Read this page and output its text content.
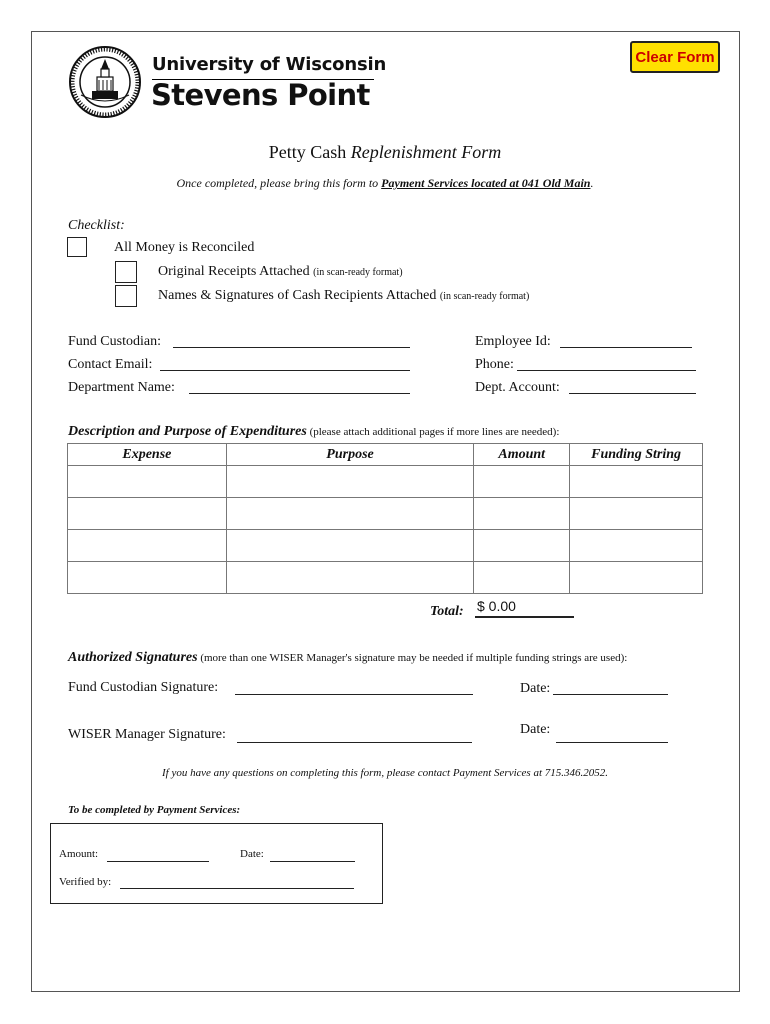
University of Wisconsin
Stevens Point
Clear Form
Petty Cash Replenishment Form
Once completed, please bring this form to Payment Services located at 041 Old Main.
Checklist:
All Money is Reconciled
Original Receipts Attached (in scan-ready format)
Names & Signatures of Cash Recipients Attached (in scan-ready format)
Fund Custodian:
Contact Email:
Department Name:
Employee Id:
Phone:
Dept. Account:
Description and Purpose of Expenditures (please attach additional pages if more lines are needed):
Expense	Purpose	Amount	Funding String

Total: $ 0.00
Authorized Signatures (more than one WISER Manager's signature may be needed if multiple funding strings are used):
Fund Custodian Signature:	Date:
WISER Manager Signature:	Date:
If you have any questions on completing this form, please contact Payment Services at 715.346.2052.
To be completed by Payment Services:
Amount:	Date:
Verified by:
